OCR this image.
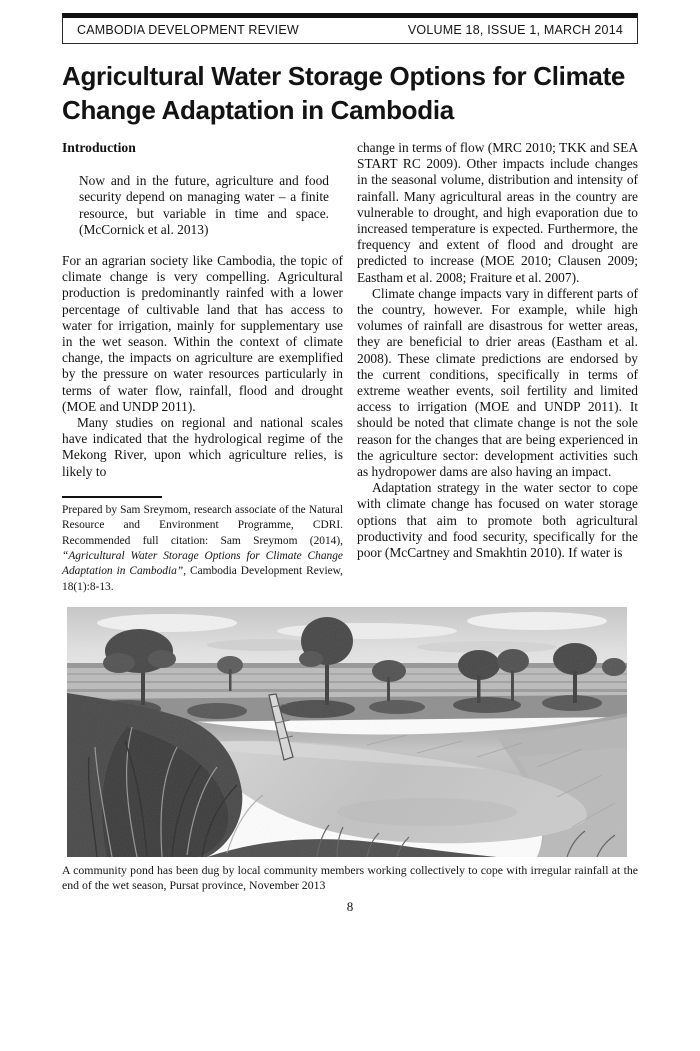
CAMBODIA DEVELOPMENT REVIEW	VOLUME 18, ISSUE 1, MARCH 2014
Agricultural Water Storage Options for Climate Change Adaptation in Cambodia
Introduction

Now and in the future, agriculture and food security depend on managing water – a finite resource, but variable in time and space. (McCornick et al. 2013)

For an agrarian society like Cambodia, the topic of climate change is very compelling. Agricultural production is predominantly rainfed with a lower percentage of cultivable land that has access to water for irrigation, mainly for supplementary use in the wet season. Within the context of climate change, the impacts on agriculture are exemplified by the pressure on water resources particularly in terms of water flow, rainfall, flood and drought (MOE and UNDP 2011).

Many studies on regional and national scales have indicated that the hydrological regime of the Mekong River, upon which agriculture relies, is likely to

Prepared by Sam Sreymom, research associate of the Natural Resource and Environment Programme, CDRI. Recommended full citation: Sam Sreymom (2014), “Agricultural Water Storage Options for Climate Change Adaptation in Cambodia”, Cambodia Development Review, 18(1):8-13.

change in terms of flow (MRC 2010; TKK and SEA START RC 2009). Other impacts include changes in the seasonal volume, distribution and intensity of rainfall. Many agricultural areas in the country are vulnerable to drought, and high evaporation due to increased temperature is expected. Furthermore, the frequency and extent of flood and drought are predicted to increase (MOE 2010; Clausen 2009; Eastham et al. 2008; Fraiture et al. 2007).

Climate change impacts vary in different parts of the country, however. For example, while high volumes of rainfall are disastrous for wetter areas, they are beneficial to drier areas (Eastham et al. 2008). These climate predictions are endorsed by the current conditions, specifically in terms of extreme weather events, soil fertility and limited access to irrigation (MOE and UNDP 2011). It should be noted that climate change is not the sole reason for the changes that are being experienced in the agriculture sector: development activities such as hydropower dams are also having an impact.

Adaptation strategy in the water sector to cope with climate change has focused on water storage options that aim to promote both agricultural productivity and food security, specifically for the poor (McCartney and Smakhtin 2010). If water is

A community pond has been dug by local community members working collectively to cope with irregular rainfall at the end of the wet season, Pursat province, November 2013

8
